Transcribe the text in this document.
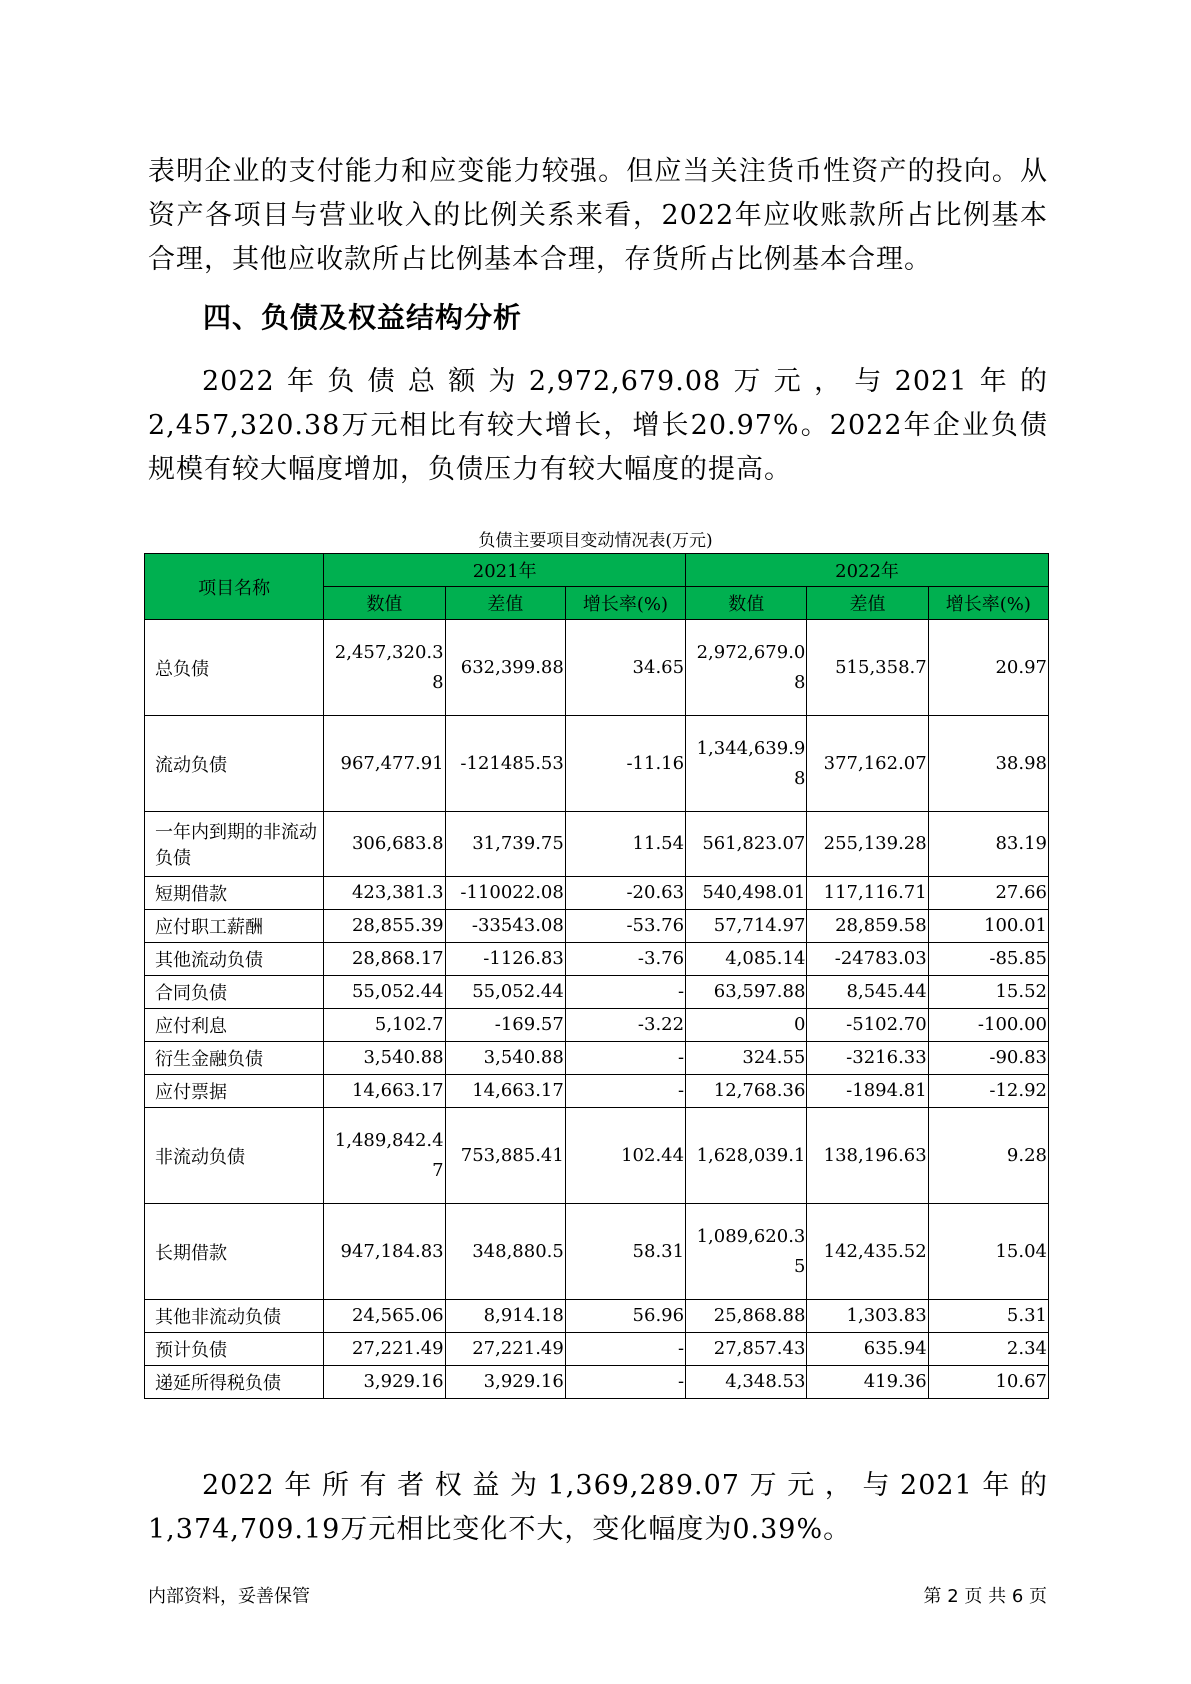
表明企业的支付能力和应变能力较强。但应当关注货币性资产的投向。从资产各项目与营业收入的比例关系来看，2022年应收账款所占比例基本合理，其他应收款所占比例基本合理，存货所占比例基本合理。

四、负债及权益结构分析

2022年负债总额为2,972,679.08万元，与2021年的2,457,320.38万元相比有较大增长，增长20.97%。2022年企业负债规模有较大幅度增加，负债压力有较大幅度的提高。

负债主要项目变动情况表(万元)
项目名称	2021年			2022年		
	数值	差值	增长率(%)	数值	差值	增长率(%)
总负债	2,457,320.38	632,399.88	34.65	2,972,679.08	515,358.7	20.97
流动负债	967,477.91	-121485.53	-11.16	1,344,639.98	377,162.07	38.98
一年内到期的非流动负债	306,683.8	31,739.75	11.54	561,823.07	255,139.28	83.19
短期借款	423,381.3	-110022.08	-20.63	540,498.01	117,116.71	27.66
应付职工薪酬	28,855.39	-33543.08	-53.76	57,714.97	28,859.58	100.01
其他流动负债	28,868.17	-1126.83	-3.76	4,085.14	-24783.03	-85.85
合同负债	55,052.44	55,052.44	-	63,597.88	8,545.44	15.52
应付利息	5,102.7	-169.57	-3.22	0	-5102.70	-100.00
衍生金融负债	3,540.88	3,540.88	-	324.55	-3216.33	-90.83
应付票据	14,663.17	14,663.17	-	12,768.36	-1894.81	-12.92
非流动负债	1,489,842.47	753,885.41	102.44	1,628,039.1	138,196.63	9.28
长期借款	947,184.83	348,880.5	58.31	1,089,620.35	142,435.52	15.04
其他非流动负债	24,565.06	8,914.18	56.96	25,868.88	1,303.83	5.31
预计负债	27,221.49	27,221.49	-	27,857.43	635.94	2.34
递延所得税负债	3,929.16	3,929.16	-	4,348.53	419.36	10.67

2022年所有者权益为1,369,289.07万元，与2021年的1,374,709.19万元相比变化不大，变化幅度为0.39%。

内部资料，妥善保管	第 2 页 共 6 页
